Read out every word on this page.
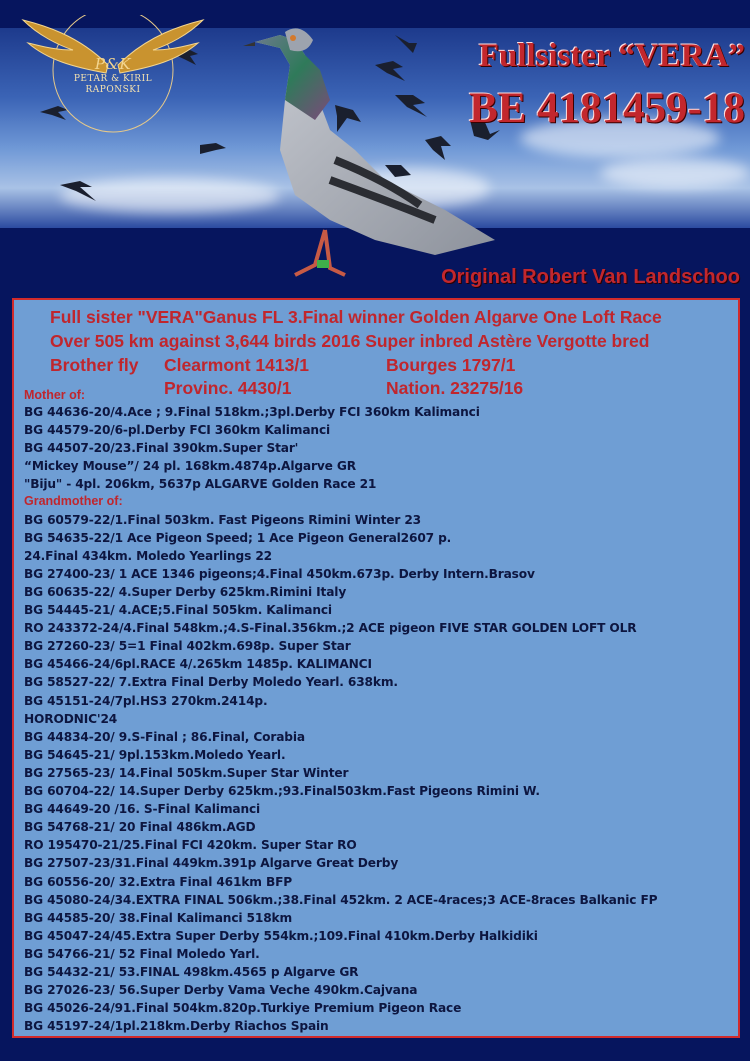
P&K
PETAR & KIRIL
RAPONSKI
Fullsister “VERA”
BE 4181459-18
Original Robert Van Landschoo
Full sister "VERA"Ganus FL 3.Final winner Golden Algarve One Loft Race
Over 505 km against 3,644 birds 2016 Super inbred Astère Vergotte bred
Brother fly Clearmont 1413/1	Bourges 1797/1
Provinc. 4430/1	Nation. 23275/16
Mother of:
BG 44636-20/4.Ace ; 9.Final 518km.;3pl.Derby FCI 360km Kalimanci
BG 44579-20/6-pl.Derby FCI 360km Kalimanci
BG 44507-20/23.Final 390km.Super Star'
“Mickey Mouse”/ 24 pl. 168km.4874p.Algarve GR
"Biju" - 4pl. 206km, 5637p ALGARVE Golden Race 21
Grandmother of:
BG 60579-22/1.Final 503km. Fast Pigeons Rimini Winter 23
BG 54635-22/1 Ace Pigeon Speed; 1 Ace Pigeon General2607 p.
24.Final 434km. Moledo Yearlings 22
BG 27400-23/ 1 ACE 1346 pigeons;4.Final 450km.673p. Derby Intern.Brasov
BG 60635-22/ 4.Super Derby 625km.Rimini Italy
BG 54445-21/ 4.ACE;5.Final 505km. Kalimanci
RO 243372-24/4.Final 548km.;4.S-Final.356km.;2 ACE pigeon FIVE STAR GOLDEN LOFT OLR
BG 27260-23/ 5=1 Final 402km.698p. Super Star
BG 45466-24/6pl.RACE 4/.265km 1485p. KALIMANCI
BG 58527-22/ 7.Extra Final Derby Moledo Yearl. 638km.
BG 45151-24/7pl.HS3 270km.2414p.
HORODNIC'24
BG 44834-20/ 9.S-Final ; 86.Final, Corabia
BG 54645-21/ 9pl.153km.Moledo Yearl.
BG 27565-23/ 14.Final 505km.Super Star Winter
BG 60704-22/ 14.Super Derby 625km.;93.Final503km.Fast Pigeons Rimini W.
BG 44649-20 /16. S-Final Kalimanci
BG 54768-21/ 20 Final 486km.AGD
RO 195470-21/25.Final FCI 420km. Super Star RO
BG 27507-23/31.Final 449km.391p Algarve Great Derby
BG 60556-20/ 32.Extra Final 461km BFP
BG 45080-24/34.EXTRA FINAL 506km.;38.Final 452km. 2 ACE-4races;3 ACE-8races Balkanic FP
BG 44585-20/ 38.Final Kalimanci 518km
BG 45047-24/45.Extra Super Derby 554km.;109.Final 410km.Derby Halkidiki
BG 54766-21/ 52 Final Moledo Yarl.
BG 54432-21/ 53.FINAL 498km.4565 p Algarve GR
BG 27026-23/ 56.Super Derby Vama Veche 490km.Cajvana
BG 45026-24/91.Final 504km.820p.Turkiye Premium Pigeon Race
BG 45197-24/1pl.218km.Derby Riachos Spain
